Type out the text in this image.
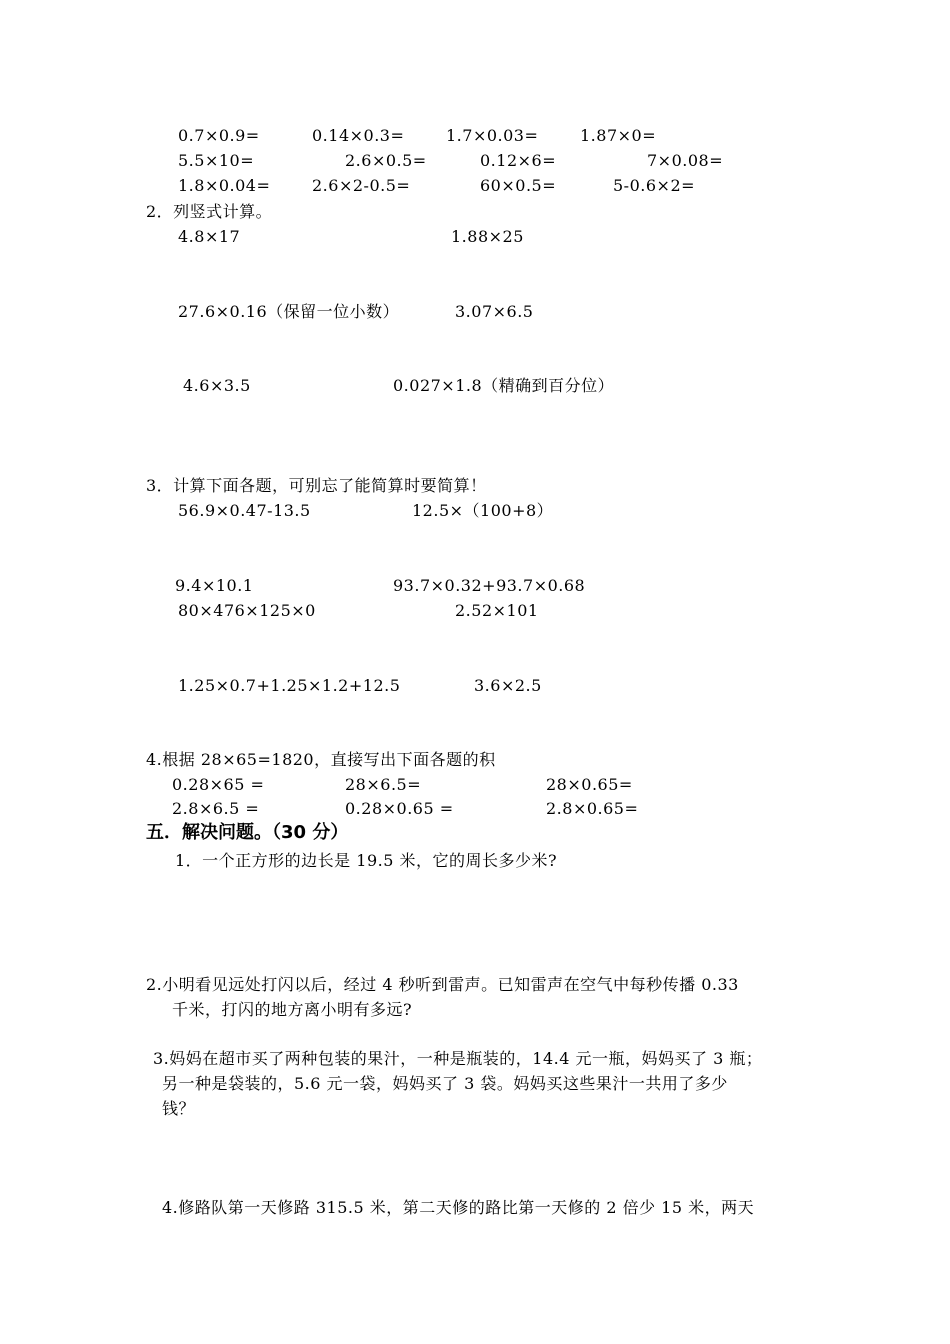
0.7×0.9=	0.14×0.3=	1.7×0.03=	1.87×0=
5.5×10=	2.6×0.5=	0.12×6=	7×0.08=
1.8×0.04=	2.6×2-0.5=	60×0.5=	5-0.6×2=
2．列竖式计算。
4.8×17	1.88×25
27.6×0.16（保留一位小数）	3.07×6.5
4.6×3.5	0.027×1.8（精确到百分位）
3．计算下面各题，可别忘了能简算时要简算！
56.9×0.47-13.5	12.5×（100+8）
9.4×10.1	93.7×0.32+93.7×0.68
80×476×125×0	2.52×101
1.25×0.7+1.25×1.2+12.5	3.6×2.5
4.根据 28×65=1820，直接写出下面各题的积
0.28×65 =	28×6.5=	28×0.65=
2.8×6.5 =	0.28×0.65 =	2.8×0.65=
五．解决问题。（30 分）
1．一个正方形的边长是 19.5 米，它的周长多少米?
2.小明看见远处打闪以后，经过 4 秒听到雷声。已知雷声在空气中每秒传播 0.33
千米，打闪的地方离小明有多远?
3.妈妈在超市买了两种包装的果汁，一种是瓶装的，14.4 元一瓶，妈妈买了 3 瓶；
另一种是袋装的，5.6 元一袋，妈妈买了 3 袋。妈妈买这些果汁一共用了多少
钱？
4.修路队第一天修路 315.5 米，第二天修的路比第一天修的 2 倍少 15 米，两天
